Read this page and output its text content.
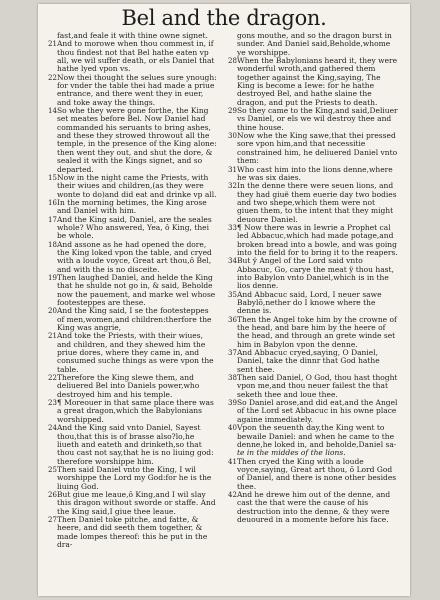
Bel and the dragon.
fast,and feale it with thine owne signet.
21 And to morowe when thou commest in, if thou findest not that Bel hathe eaten vp all, we wil suffer death, or els Daniel that hathe lyed vpon vs.
22 Now thei thought the selues sure ynough: for vnder the table thei had made a priue entrance, and there went they in euer, and toke away the things.
14 So whe they were gone forthe, the King set meates before Bel. Now Daniel had commanded his seruants to bring ashes, and these they strowed throwout all the temple, in the presence of the King alone: then went they out, and shut the dore, & sealed it with the Kings signet, and so departed.
15 Now in the night came the Priests, with their wiues and children,(as they were wonte to do)and did eat and drinke vp all.
16 In the morning betimes, the King arose and Daniel with him.
17 And the King said, Daniel, are the seales whole? Who answered, Yea, ô King, thei be whole.
18 And assone as he had opened the dore, the King loked vpon the table, and cryed with a loude voyce, Great art thou,ô Bel, and with the is no disceite.
19 Then laughed Daniel, and helde the King that he shulde not go in, & said, Beholde now the pauement, and marke wel whose footesteppes are these.
20 And the King said, I se the footesteppes of men,women,and children:therfore the King was angrie,
21 And toke the Priests, with their wiues, and children, and they shewed him the priue dores, where they came in, and consumed suche things as were vpon the table.
22 Therefore the King slewe them, and deliuered Bel into Daniels power,who destroyed him and his temple.
23 ¶ Moreouer in that same place there was a great dragon,which the Babylonians worshipped.
24 And the King said vnto Daniel, Sayest thou,that this is of brasse also?lo,he liueth and eateth and drinketh,so that thou cast not say,that he is no liuing god: therefore worshippe him.
25 Then said Daniel vnto the King, I wil worshippe the Lord my God:for he is the liuing God.
26 But giue me leaue,ô King,and I wil slay this dragon without sworde or staffe. And the King said,I giue thee leaue.
27 Then Daniel toke pitche, and fatte, & heere, and did seeth them together, & made lompes thereof: this he put in the dra-
gons mouthe, and so the dragon burst in sunder. And Daniel said,Beholde,whome ye worshippe.
28 When the Babylonians heard it, they were wonderful wroth,and gathered them together against the King,saying, The King is become a Iewe: for he hathe destroyed Bel, and hathe slaine the dragon, and put the Priests to death.
29 So they came to the King,and said,Deliuer vs Daniel, or els we wil destroy thee and thine house.
30 Now whe the King sawe,that thei pressed sore vpon him,and that necessitie constrained him, he deliuered Daniel vnto them:
31 Who cast him into the lions denne,where he was six daies.
32 In the denne there were seuen lions, and they had giuë them euerie day two bodies and two shepe,which them were not giuen them, to the intent that they might deuoure Daniel.
33 ¶ Now there was in Iewrie a Prophet cal led Abbacuc,which had made potage,and broken bread into a bowle, and was going into the field for to bring it to the reapers.
34 But ÿ Angel of the Lord said vnto Abbacuc, Go, carye the meat ÿ thou hast, into Babylon vnto Daniel,which is in the lios denne.
35 And Abbacuc said, Lord, I neuer sawe Babylõ,nether do I knowe where the denne is.
36 Then the Angel toke him by the crowne of the head, and bare him by the heere of the head, and through an grete winde set him in Babylon vpon the denne.
37 And Abbacuc cryed,saying, O Daniel, Daniel, take the dinnr that God hathe sent thee.
38 Then said Daniel, O God, thou hast thoght vpon me,and thou neuer failest the that seketh thee and loue thee.
39 So Daniel arose,and did eat,and the Angel of the Lord set Abbacuc in his owne place againe immediately.
40 Vpon the seuenth day,the King went to bewaile Daniel: and when he came to the denne,he loked in, and beholde,Daniel sa-
te in the middes of the lions.
41 Then cryed the King with a loude voyce,saying, Great art thou, ô Lord God of Daniel, and there is none other besides thee.
42 And he drewe him out of the denne, and cast the that were the cause of his destruction into the denne, & they were deuoured in a momente before his face.
